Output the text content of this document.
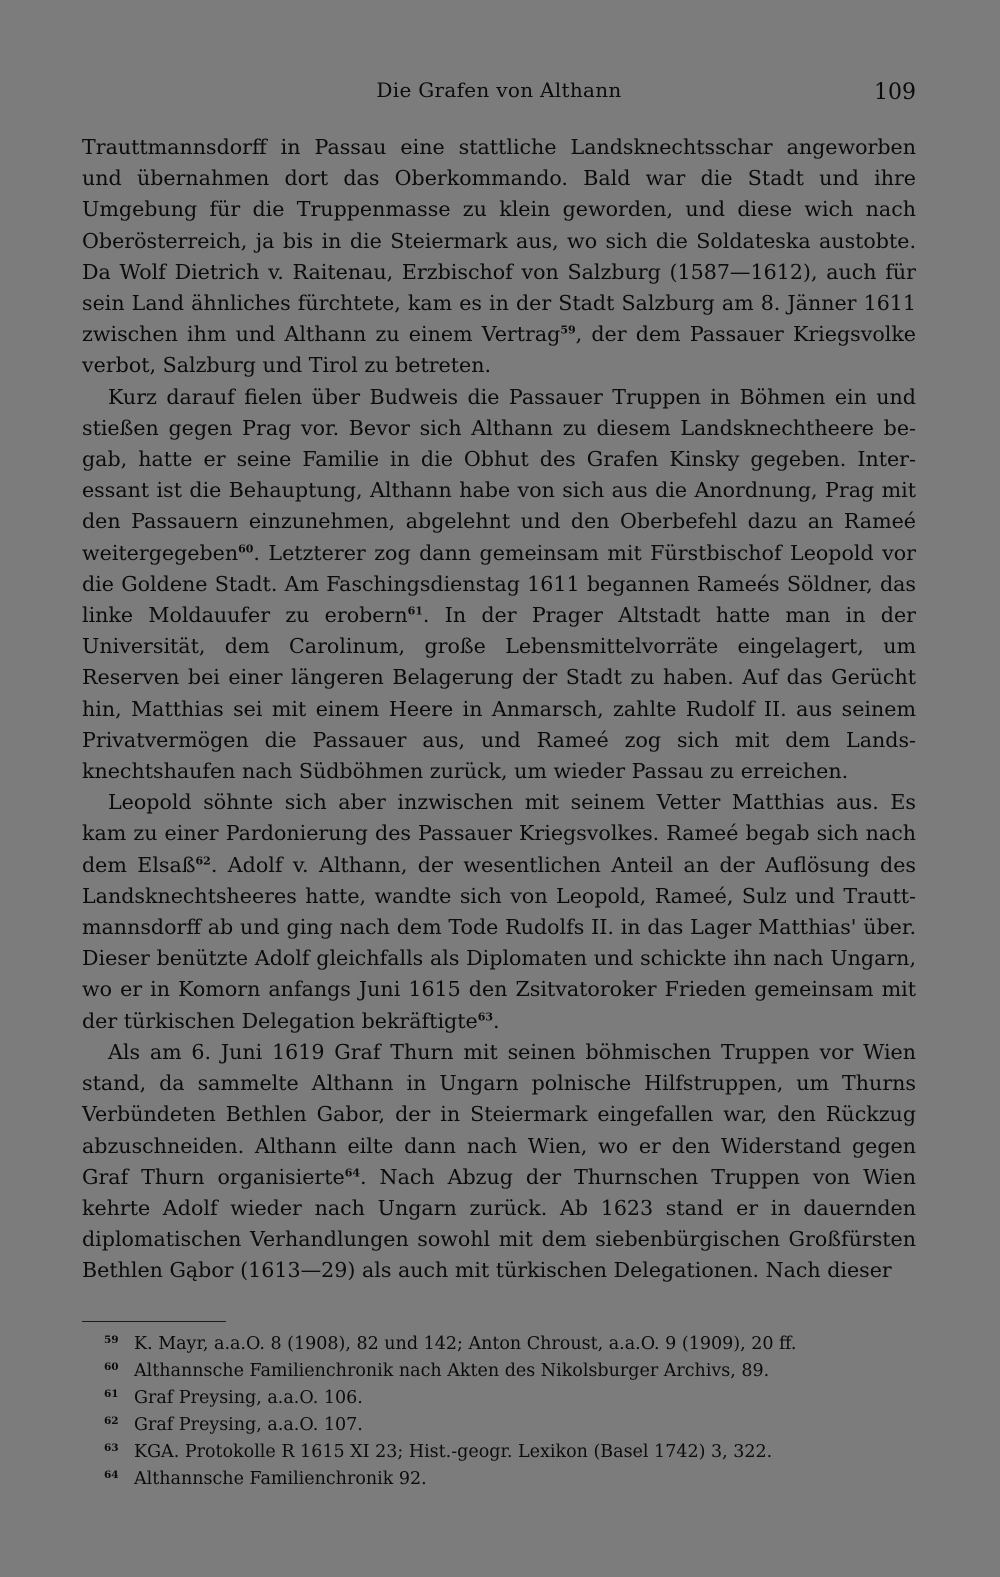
Die Grafen von Althann	109

Trauttmannsdorff in Passau eine stattliche Landsknechtsschar angeworben und übernahmen dort das Oberkommando. Bald war die Stadt und ihre Umgebung für die Truppenmasse zu klein geworden, und diese wich nach Oberösterreich, ja bis in die Steiermark aus, wo sich die Soldateska austobte. Da Wolf Dietrich v. Raitenau, Erzbischof von Salzburg (1587—1612), auch für sein Land ähnliches fürchtete, kam es in der Stadt Salzburg am 8. Jänner 1611 zwischen ihm und Althann zu einem Vertrag$^{59}$, der dem Passauer Kriegsvolke verbot, Salzburg und Tirol zu betreten.

Kurz darauf fielen über Budweis die Passauer Truppen in Böhmen ein und stießen gegen Prag vor. Bevor sich Althann zu diesem Landsknechtheere begab, hatte er seine Familie in die Obhut des Grafen Kinsky gegeben. Interessant ist die Behauptung, Althann habe von sich aus die Anordnung, Prag mit den Passauern einzunehmen, abgelehnt und den Oberbefehl dazu an Rameé weitergegeben$^{60}$. Letzterer zog dann gemeinsam mit Fürstbischof Leopold vor die Goldene Stadt. Am Faschingsdienstag 1611 begannen Rameés Söldner, das linke Moldauufer zu erobern$^{61}$. In der Prager Altstadt hatte man in der Universität, dem Carolinum, große Lebensmittelvorräte eingelagert, um Reserven bei einer längeren Belagerung der Stadt zu haben. Auf das Gerücht hin, Matthias sei mit einem Heere in Anmarsch, zahlte Rudolf II. aus seinem Privatvermögen die Passauer aus, und Rameé zog sich mit dem Landsknechtshaufen nach Südböhmen zurück, um wieder Passau zu erreichen.

Leopold söhnte sich aber inzwischen mit seinem Vetter Matthias aus. Es kam zu einer Pardonierung des Passauer Kriegsvolkes. Rameé begab sich nach dem Elsaß$^{62}$. Adolf v. Althann, der wesentlichen Anteil an der Auflösung des Landsknechtsheeres hatte, wandte sich von Leopold, Rameé, Sulz und Trauttmannsdorff ab und ging nach dem Tode Rudolfs II. in das Lager Matthias' über. Dieser benützte Adolf gleichfalls als Diplomaten und schickte ihn nach Ungarn, wo er in Komorn anfangs Juni 1615 den Zsitvatoroker Frieden gemeinsam mit der türkischen Delegation bekräftigte$^{63}$.

Als am 6. Juni 1619 Graf Thurn mit seinen böhmischen Truppen vor Wien stand, da sammelte Althann in Ungarn polnische Hilfstruppen, um Thurns Verbündeten Bethlen Gabor, der in Steiermark eingefallen war, den Rückzug abzuschneiden. Althann eilte dann nach Wien, wo er den Widerstand gegen Graf Thurn organisierte$^{64}$. Nach Abzug der Thurnschen Truppen von Wien kehrte Adolf wieder nach Ungarn zurück. Ab 1623 stand er in dauernden diplomatischen Verhandlungen sowohl mit dem siebenbürgischen Großfürsten Bethlen Gąbor (1613—29) als auch mit türkischen Delegationen. Nach dieser

59 K. Mayr, a.a.O. 8 (1908), 82 und 142; Anton Chroust, a.a.O. 9 (1909), 20 ff.
60 Althannsche Familienchronik nach Akten des Nikolsburger Archivs, 89.
61 Graf Preysing, a.a.O. 106.
62 Graf Preysing, a.a.O. 107.
63 KGA. Protokolle R 1615 XI 23; Hist.-geogr. Lexikon (Basel 1742) 3, 322.
64 Althannsche Familienchronik 92.
